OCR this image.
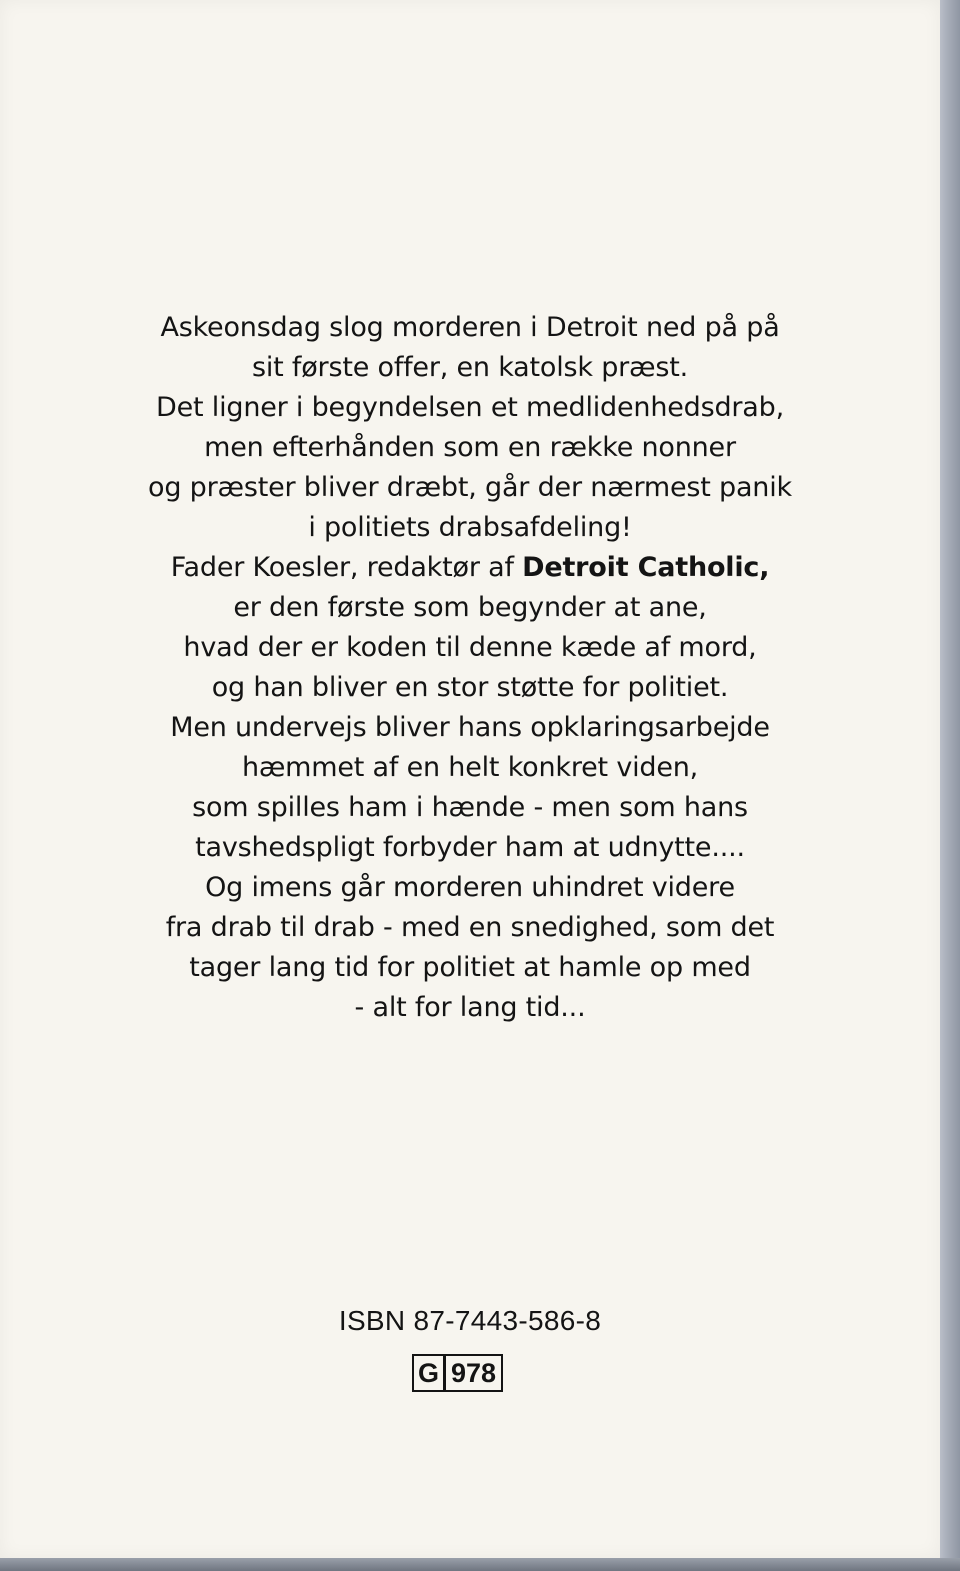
Askeonsdag slog morderen i Detroit ned på på
sit første offer, en katolsk præst.
Det ligner i begyndelsen et medlidenhedsdrab,
men efterhånden som en række nonner
og præster bliver dræbt, går der nærmest panik
i politiets drabsafdeling!
Fader Koesler, redaktør af Detroit Catholic,
er den første som begynder at ane,
hvad der er koden til denne kæde af mord,
og han bliver en stor støtte for politiet.
Men undervejs bliver hans opklaringsarbejde
hæmmet af en helt konkret viden,
som spilles ham i hænde - men som hans
tavshedspligt forbyder ham at udnytte....
Og imens går morderen uhindret videre
fra drab til drab - med en snedighed, som det
tager lang tid for politiet at hamle op med
- alt for lang tid...
ISBN 87-7443-586-8
G 978
